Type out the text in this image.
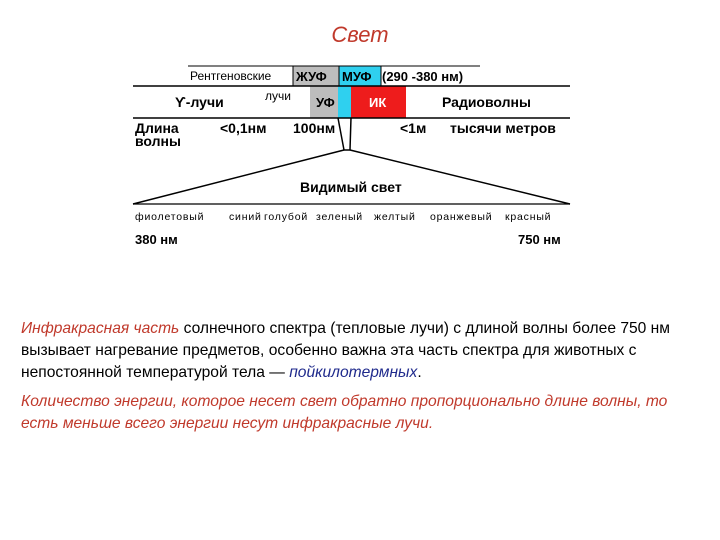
Свет
Рентгеновские
лучи
ЖУФ МУФ (290 -380 нм)
ϒ-лучи	УФ	ИК	Радиоволны
Длина
волны
<0,1нм 100нм	<1м тысячи метров
Видимый свет
фиолетовый синий голубой зеленый желтый оранжевый красный
380 нм	750 нм
Инфракрасная часть солнечного спектра (тепловые лучи) с длиной волны более 750 нм вызывает нагревание предметов, особенно важна эта часть спектра для животных с непостоянной температурой тела — пойкилотермных.
Количество энергии, которое несет свет обратно пропорционально длине волны, то есть меньше всего энергии несут инфракрасные лучи.
